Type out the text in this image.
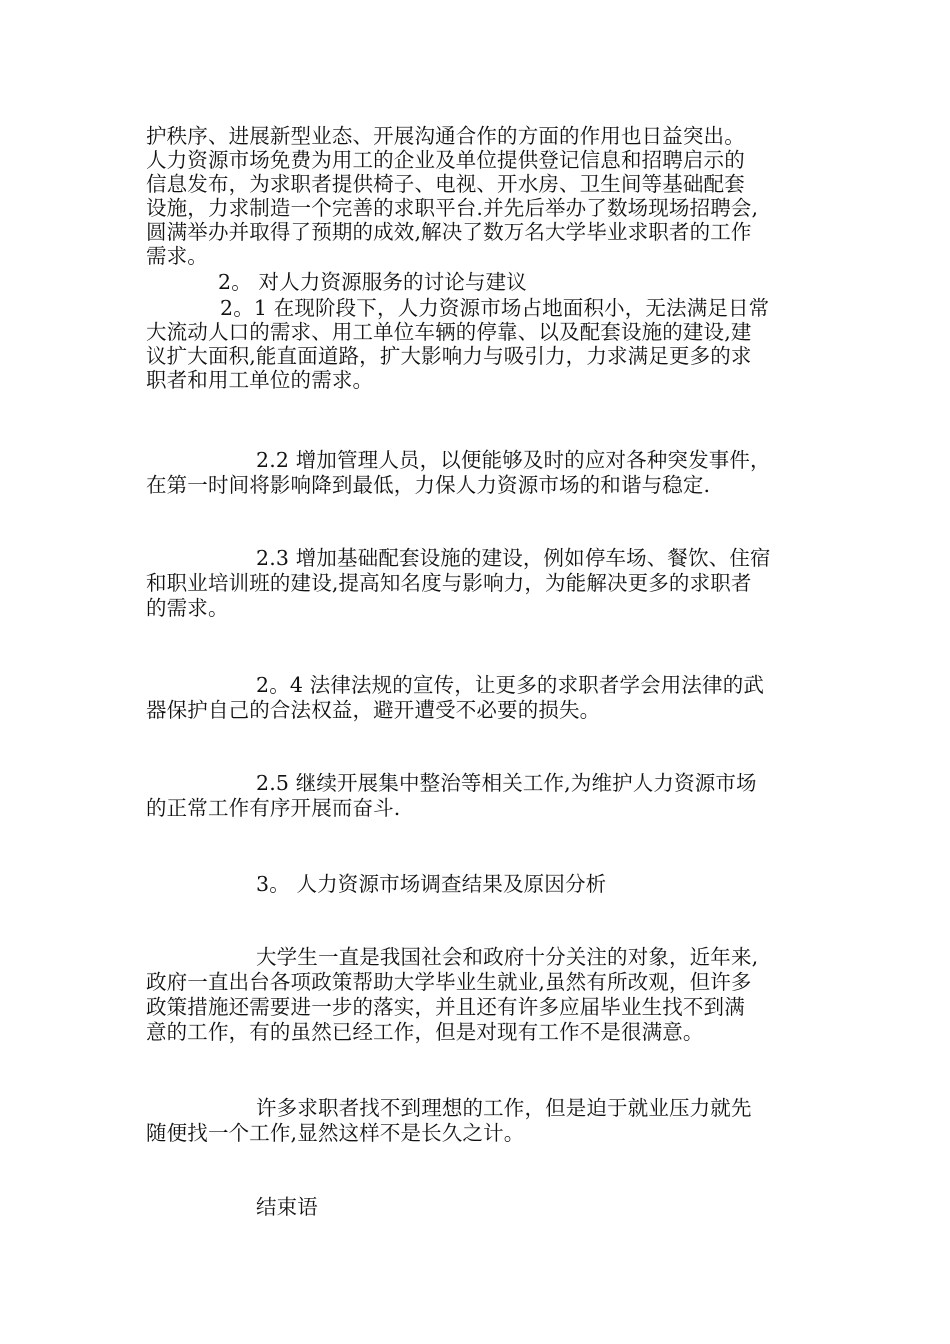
护秩序、进展新型业态、开展沟通合作的方面的作用也日益突出。
人力资源市场免费为用工的企业及单位提供登记信息和招聘启示的
信息发布，为求职者提供椅子、电视、开水房、卫生间等基础配套
设施，力求制造一个完善的求职平台.并先后举办了数场现场招聘会,
圆满举办并取得了预期的成效,解决了数万名大学毕业求职者的工作
需求。
2。 对人力资源服务的讨论与建议
2。1 在现阶段下，人力资源市场占地面积小，无法满足日常
大流动人口的需求、用工单位车辆的停靠、以及配套设施的建设,建
议扩大面积,能直面道路，扩大影响力与吸引力，力求满足更多的求
职者和用工单位的需求。
2.2 增加管理人员，以便能够及时的应对各种突发事件，
在第一时间将影响降到最低，力保人力资源市场的和谐与稳定.
2.3 增加基础配套设施的建设，例如停车场、餐饮、住宿
和职业培训班的建设,提高知名度与影响力，为能解决更多的求职者
的需求。
2。4 法律法规的宣传，让更多的求职者学会用法律的武
器保护自己的合法权益，避开遭受不必要的损失。
2.5 继续开展集中整治等相关工作,为维护人力资源市场
的正常工作有序开展而奋斗.
3。 人力资源市场调查结果及原因分析
大学生一直是我国社会和政府十分关注的对象，近年来,
政府一直出台各项政策帮助大学毕业生就业,虽然有所改观，但许多
政策措施还需要进一步的落实，并且还有许多应届毕业生找不到满
意的工作，有的虽然已经工作，但是对现有工作不是很满意。
许多求职者找不到理想的工作，但是迫于就业压力就先
随便找一个工作,显然这样不是长久之计。
结束语
